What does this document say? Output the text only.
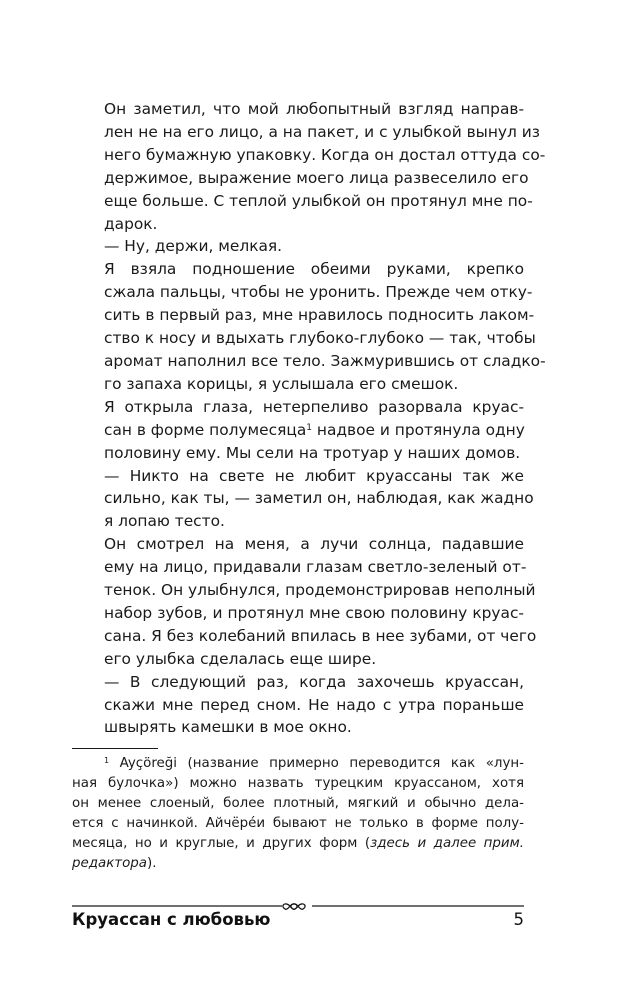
Он заметил, что мой любопытный взгляд направ-
лен не на его лицо, а на пакет, и с улыбкой вынул из
него бумажную упаковку. Когда он достал оттуда со-
держимое, выражение моего лица развеселило его
еще больше. С теплой улыбкой он протянул мне по-
дарок.

— Ну, держи, мелкая.

Я взяла подношение обеими руками, крепко
сжала пальцы, чтобы не уронить. Прежде чем отку-
сить в первый раз, мне нравилось подносить лаком-
ство к носу и вдыхать глубоко-глубоко — так, чтобы
аромат наполнил все тело. Зажмурившись от сладко-
го запаха корицы, я услышала его смешок.

Я открыла глаза, нетерпеливо разорвала круас-
сан в форме полумесяца$^1$ надвое и протянула одну
половину ему. Мы сели на тротуар у наших домов.

— Никто на свете не любит круассаны так же
сильно, как ты, — заметил он, наблюдая, как жадно
я лопаю тесто.

Он смотрел на меня, а лучи солнца, падавшие
ему на лицо, придавали глазам светло-зеленый от-
тенок. Он улыбнулся, продемонстрировав неполный
набор зубов, и протянул мне свою половину круас-
сана. Я без колебаний впилась в нее зубами, от чего
его улыбка сделалась еще шире.

— В следующий раз, когда захочешь круассан,
скажи мне перед сном. Не надо с утра пораньше
швырять камешки в мое окно.

$^1$ Ayçöreği (название примерно переводится как «лун-
ная булочка») можно назвать турецким круассаном, хотя
он менее слоеный, более плотный, мягкий и обычно дела-
ется с начинкой. Айчёрéи бывают не только в форме полу-
месяца, но и круглые, и других форм (здесь и далее прим.
редактора).
Круассан с любовью	5
